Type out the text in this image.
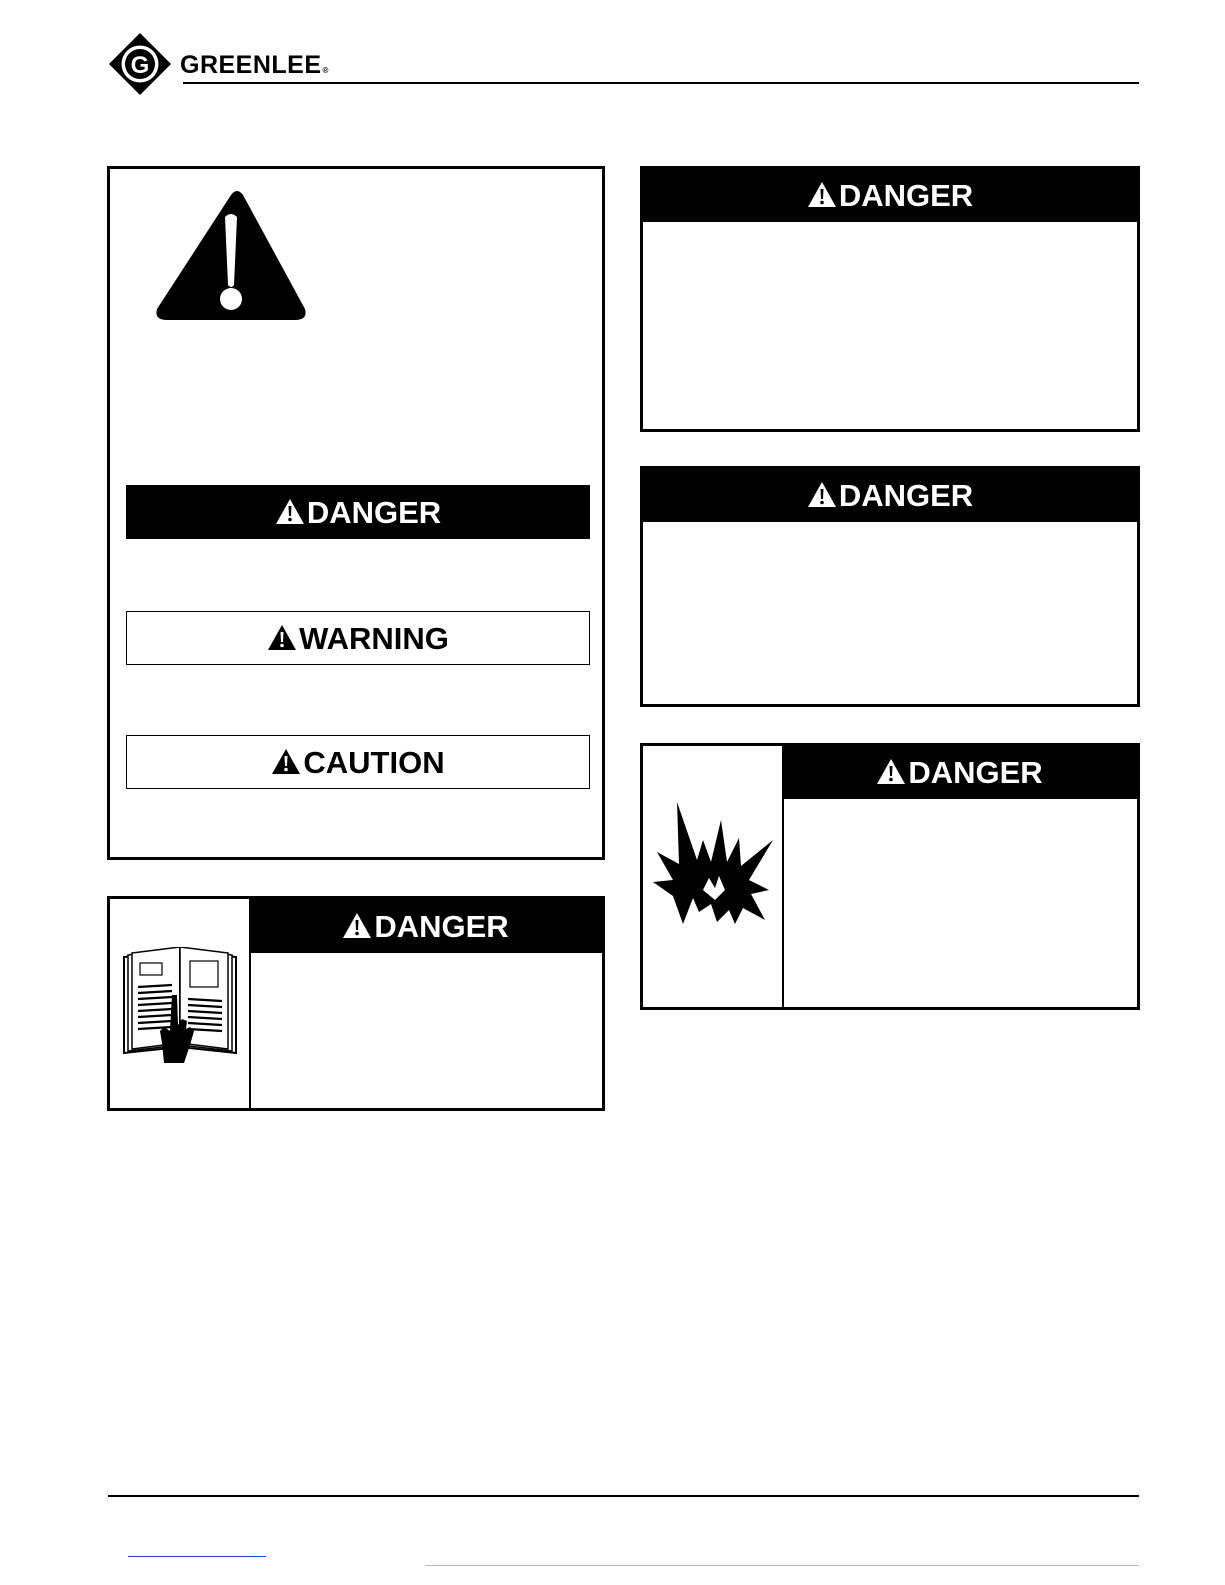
G GREENLEE®
DANGER
WARNING
CAUTION
DANGER
DANGER
DANGER
DANGER
